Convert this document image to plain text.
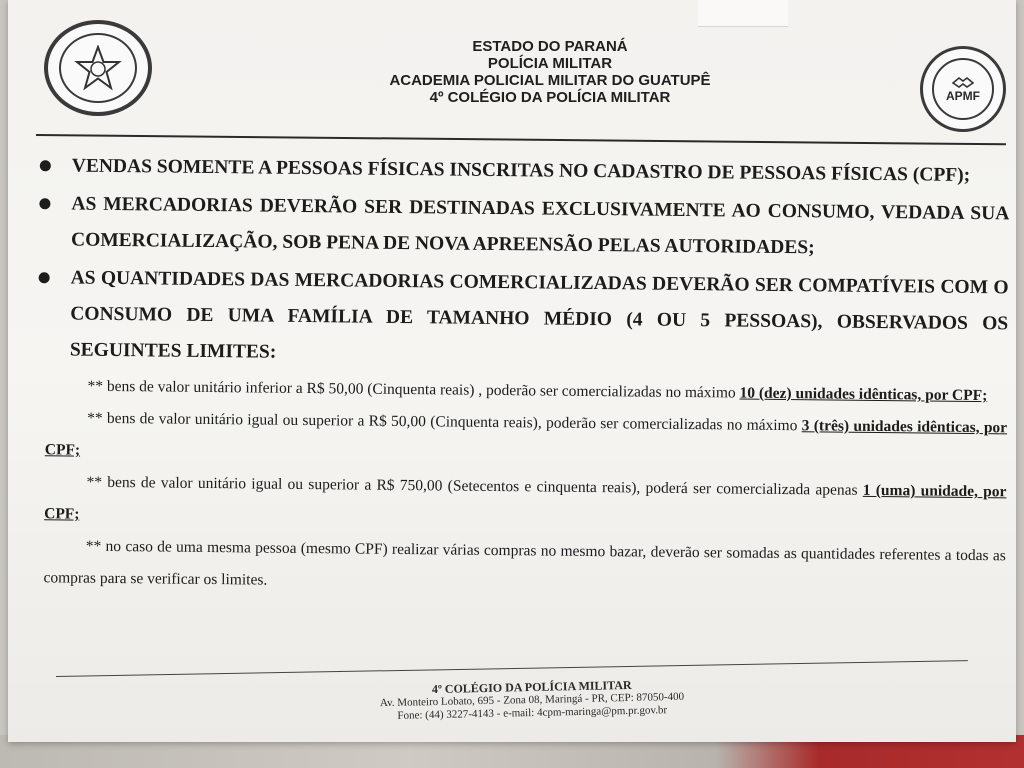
APMF
ESTADO DO PARANÁ
POLÍCIA MILITAR
ACADEMIA POLICIAL MILITAR DO GUATUPÊ
4º COLÉGIO DA POLÍCIA MILITAR
VENDAS SOMENTE A PESSOAS FÍSICAS INSCRITAS NO CADASTRO DE PESSOAS FÍSICAS (CPF);
AS MERCADORIAS DEVERÃO SER DESTINADAS EXCLUSIVAMENTE AO CONSUMO, VEDADA SUA COMERCIALIZAÇÃO, SOB PENA DE NOVA APREENSÃO PELAS AUTORIDADES;
AS QUANTIDADES DAS MERCADORIAS COMERCIALIZADAS DEVERÃO SER COMPATÍVEIS COM O CONSUMO DE UMA FAMÍLIA DE TAMANHO MÉDIO (4 OU 5 PESSOAS), OBSERVADOS OS SEGUINTES LIMITES:
** bens de valor unitário inferior a R$ 50,00 (Cinquenta reais) , poderão ser comercializadas no máximo 10 (dez) unidades idênticas, por CPF;
** bens de valor unitário igual ou superior a R$ 50,00 (Cinquenta reais), poderão ser comercializadas no máximo 3 (três) unidades idênticas, por CPF;
** bens de valor unitário igual ou superior a R$ 750,00 (Setecentos e cinquenta reais), poderá ser comercializada apenas 1 (uma) unidade, por CPF;
** no caso de uma mesma pessoa (mesmo CPF) realizar várias compras no mesmo bazar, deverão ser somadas as quantidades referentes a todas as compras para se verificar os limites.
4º COLÉGIO DA POLÍCIA MILITAR
Av. Monteiro Lobato, 695 - Zona 08, Maringá - PR, CEP: 87050-400
Fone: (44) 3227-4143 - e-mail: 4cpm-maringa@pm.pr.gov.br
